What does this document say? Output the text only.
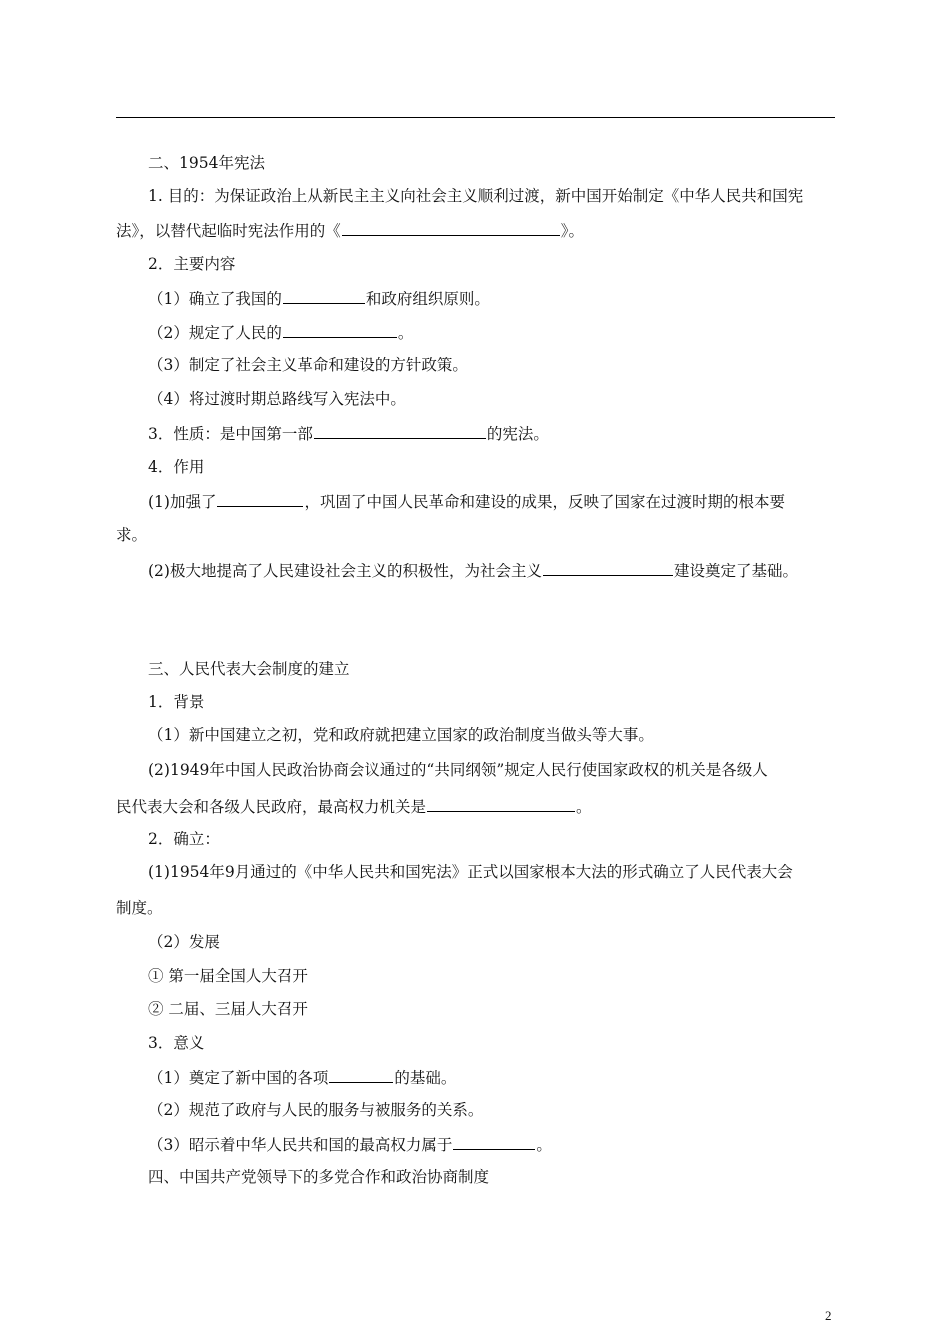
二、1954年宪法
1. 目的：为保证政治上从新民主主义向社会主义顺利过渡，新中国开始制定《中华人民共和国宪
法》，以替代起临时宪法作用的《	》。
2．主要内容
（1）确立了我国的	和政府组织原则。
（2）规定了人民的	。
（3）制定了社会主义革命和建设的方针政策。
（4）将过渡时期总路线写入宪法中。
3．性质：是中国第一部	的宪法。
4．作用
(1)加强了	，巩固了中国人民革命和建设的成果，反映了国家在过渡时期的根本要
求。
(2)极大地提高了人民建设社会主义的积极性，为社会主义	建设奠定了基础。
三、人民代表大会制度的建立
1．背景
（1）新中国建立之初，党和政府就把建立国家的政治制度当做头等大事。
(2)1949年中国人民政治协商会议通过的“共同纲领”规定人民行使国家政权的机关是各级人
民代表大会和各级人民政府，最高权力机关是	。
2．确立：
(1)1954年9月通过的《中华人民共和国宪法》正式以国家根本大法的形式确立了人民代表大会
制度。
（2）发展
① 第一届全国人大召开
② 二届、三届人大召开
3．意义
（1）奠定了新中国的各项	的基础。
（2）规范了政府与人民的服务与被服务的关系。
（3）昭示着中华人民共和国的最高权力属于	。
四、中国共产党领导下的多党合作和政治协商制度
2
